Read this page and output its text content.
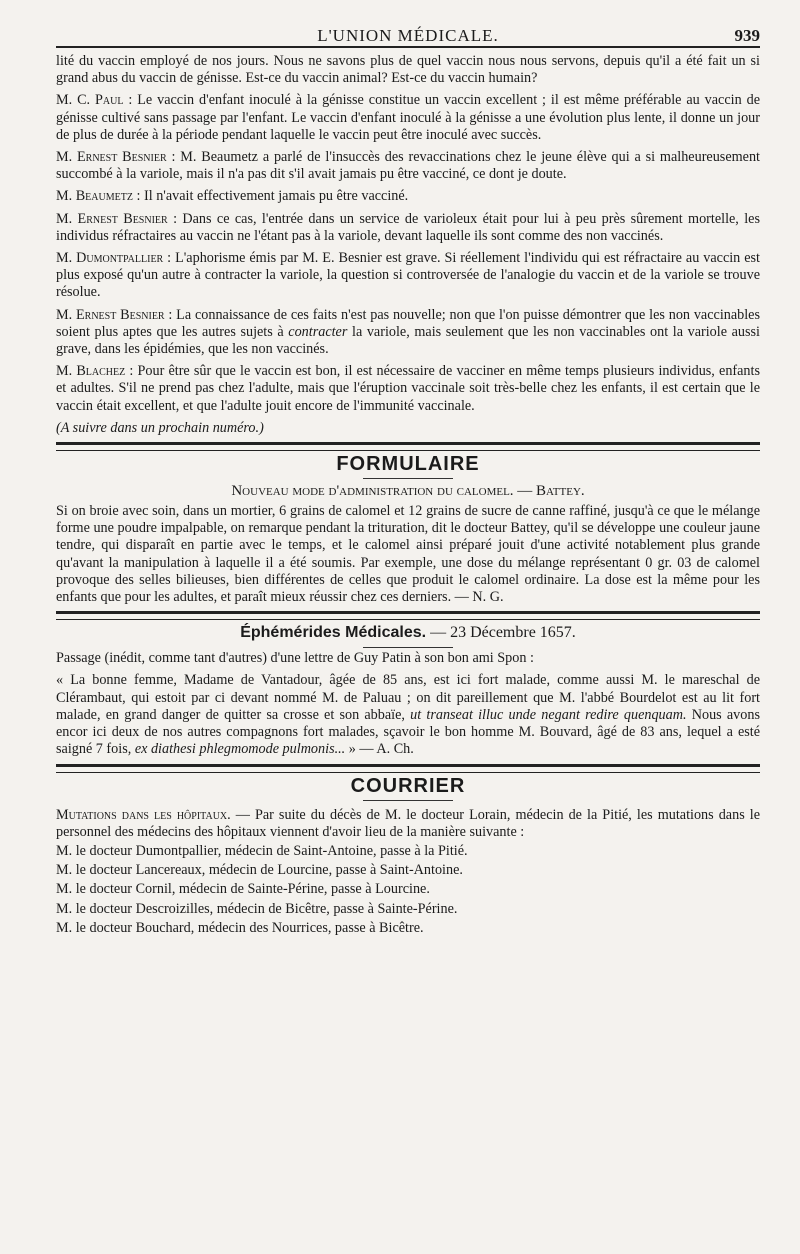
L'UNION MÉDICALE.	939

lité du vaccin employé de nos jours. Nous ne savons plus de quel vaccin nous nous servons, depuis qu'il a été fait un si grand abus du vaccin de génisse. Est-ce du vaccin animal? Est-ce du vaccin humain?

M. C. Paul : Le vaccin d'enfant inoculé à la génisse constitue un vaccin excellent ; il est même préférable au vaccin de génisse cultivé sans passage par l'enfant. Le vaccin d'enfant inoculé à la génisse a une évolution plus lente, il donne un jour de plus de durée à la période pendant laquelle le vaccin peut être inoculé avec succès.

M. Ernest Besnier : M. Beaumetz a parlé de l'insuccès des revaccinations chez le jeune élève qui a si malheureusement succombé à la variole, mais il n'a pas dit s'il avait jamais pu être vacciné, ce dont je doute.

M. Beaumetz : Il n'avait effectivement jamais pu être vacciné.

M. Ernest Besnier : Dans ce cas, l'entrée dans un service de varioleux était pour lui à peu près sûrement mortelle, les individus réfractaires au vaccin ne l'étant pas à la variole, devant laquelle ils sont comme des non vaccinés.

M. Dumontpallier : L'aphorisme émis par M. E. Besnier est grave. Si réellement l'individu qui est réfractaire au vaccin est plus exposé qu'un autre à contracter la variole, la question si controversée de l'analogie du vaccin et de la variole se trouve résolue.

M. Ernest Besnier : La connaissance de ces faits n'est pas nouvelle; non que l'on puisse démontrer que les non vaccinables soient plus aptes que les autres sujets à contracter la variole, mais seulement que les non vaccinables ont la variole aussi grave, dans les épidémies, que les non vaccinés.

M. Blachez : Pour être sûr que le vaccin est bon, il est nécessaire de vacciner en même temps plusieurs individus, enfants et adultes. S'il ne prend pas chez l'adulte, mais que l'éruption vaccinale soit très-belle chez les enfants, il est certain que le vaccin était excellent, et que l'adulte jouit encore de l'immunité vaccinale.

(A suivre dans un prochain numéro.)

FORMULAIRE
Nouveau mode d'administration du calomel. — Battey.

Si on broie avec soin, dans un mortier, 6 grains de calomel et 12 grains de sucre de canne raffiné, jusqu'à ce que le mélange forme une poudre impalpable, on remarque pendant la trituration, dit le docteur Battey, qu'il se développe une couleur jaune tendre, qui disparaît en partie avec le temps, et le calomel ainsi préparé jouit d'une activité notablement plus grande qu'avant la manipulation à laquelle il a été soumis. Par exemple, une dose du mélange représentant 0 gr. 03 de calomel provoque des selles bilieuses, bien différentes de celles que produit le calomel ordinaire. La dose est la même pour les enfants que pour les adultes, et paraît mieux réussir chez ces derniers. — N. G.

Éphémérides Médicales. — 23 Décembre 1657.

Passage (inédit, comme tant d'autres) d'une lettre de Guy Patin à son bon ami Spon :

« La bonne femme, Madame de Vantadour, âgée de 85 ans, est ici fort malade, comme aussi M. le mareschal de Clérambaut, qui estoit par ci devant nommé M. de Paluau ; on dit pareillement que M. l'abbé Bourdelot est au lit fort malade, en grand danger de quitter sa crosse et son abbaïe, ut transeat illuc unde negant redire quenquam. Nous avons encor ici deux de nos autres compagnons fort malades, sçavoir le bon homme M. Bouvard, âgé de 83 ans, lequel a esté saigné 7 fois, ex diathesi phlegmomode pulmonis... » — A. Ch.

COURRIER

Mutations dans les hôpitaux. — Par suite du décès de M. le docteur Lorain, médecin de la Pitié, les mutations dans le personnel des médecins des hôpitaux viennent d'avoir lieu de la manière suivante :

M. le docteur Dumontpallier, médecin de Saint-Antoine, passe à la Pitié.

M. le docteur Lancereaux, médecin de Lourcine, passe à Saint-Antoine.

M. le docteur Cornil, médecin de Sainte-Périne, passe à Lourcine.

M. le docteur Descroizilles, médecin de Bicêtre, passe à Sainte-Périne.

M. le docteur Bouchard, médecin des Nourrices, passe à Bicêtre.
